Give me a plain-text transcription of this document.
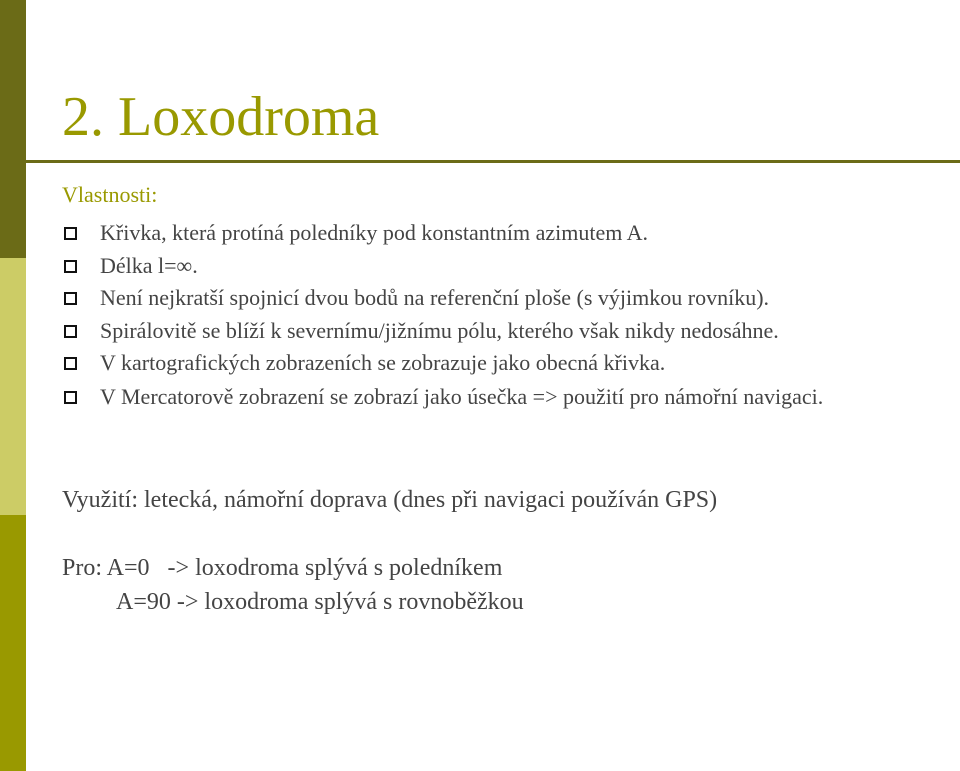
2. Loxodroma

Vlastnosti:

Křivka, která protíná poledníky pod konstantním azimutem A.
Délka l=∞.
Není nejkratší spojnicí dvou bodů na referenční ploše (s výjimkou rovníku).
Spirálovitě se blíží k severnímu/jižnímu pólu, kterého však nikdy nedosáhne.
V kartografických zobrazeních se zobrazuje jako obecná křivka.
V Mercatorově zobrazení se zobrazí jako úsečka => použití pro námořní navigaci.

Využití: letecká, námořní doprava (dnes při navigaci používán GPS)

Pro: A=0   -> loxodroma splývá s poledníkem

A=90 -> loxodroma splývá s rovnoběžkou
